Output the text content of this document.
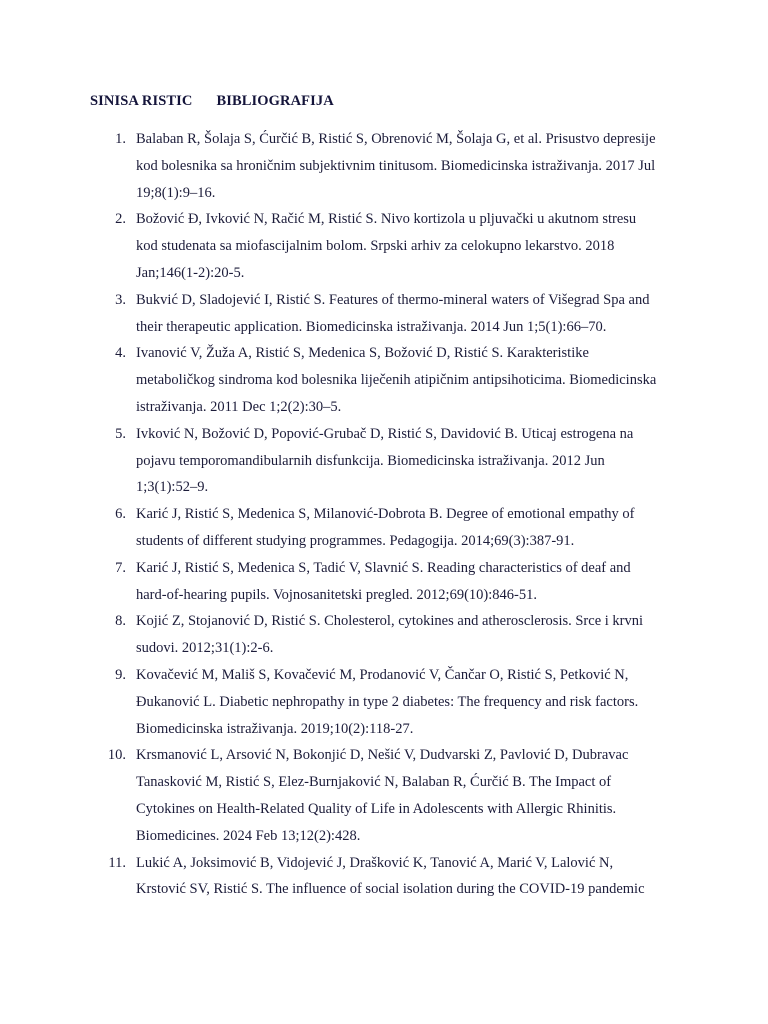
SINISA RISTIC BIBLIOGRAFIJA
1. Balaban R, Šolaja S, Ćurčić B, Ristić S, Obrenović M, Šolaja G, et al. Prisustvo depresije
kod bolesnika sa hroničnim subjektivnim tinitusom. Biomedicinska istraživanja. 2017 Jul
19;8(1):9–16.
2. Božović Đ, Ivković N, Račić M, Ristić S. Nivo kortizola u pljuvački u akutnom stresu
kod studenata sa miofascijalnim bolom. Srpski arhiv za celokupno lekarstvo. 2018
Jan;146(1-2):20-5.
3. Bukvić D, Sladojević I, Ristić S. Features of thermo-mineral waters of Višegrad Spa and
their therapeutic application. Biomedicinska istraživanja. 2014 Jun 1;5(1):66–70.
4. Ivanović V, Žuža A, Ristić S, Medenica S, Božović D, Ristić S. Karakteristike
metaboličkog sindroma kod bolesnika liječenih atipičnim antipsihoticima. Biomedicinska
istraživanja. 2011 Dec 1;2(2):30–5.
5. Ivković N, Božović D, Popović-Grubač D, Ristić S, Davidović B. Uticaj estrogena na
pojavu temporomandibularnih disfunkcija. Biomedicinska istraživanja. 2012 Jun
1;3(1):52–9.
6. Karić J, Ristić S, Medenica S, Milanović-Dobrota B. Degree of emotional empathy of
students of different studying programmes. Pedagogija. 2014;69(3):387-91.
7. Karić J, Ristić S, Medenica S, Tadić V, Slavnić S. Reading characteristics of deaf and
hard-of-hearing pupils. Vojnosanitetski pregled. 2012;69(10):846-51.
8. Kojić Z, Stojanović D, Ristić S. Cholesterol, cytokines and atherosclerosis. Srce i krvni
sudovi. 2012;31(1):2-6.
9. Kovačević M, Mališ S, Kovačević M, Prodanović V, Čančar O, Ristić S, Petković N,
Đukanović L. Diabetic nephropathy in type 2 diabetes: The frequency and risk factors.
Biomedicinska istraživanja. 2019;10(2):118-27.
10. Krsmanović L, Arsović N, Bokonjić D, Nešić V, Dudvarski Z, Pavlović D, Dubravac
Tanasković M, Ristić S, Elez-Burnjaković N, Balaban R, Ćurčić B. The Impact of
Cytokines on Health-Related Quality of Life in Adolescents with Allergic Rhinitis.
Biomedicines. 2024 Feb 13;12(2):428.
11. Lukić A, Joksimović B, Vidojević J, Drašković K, Tanović A, Marić V, Lalović N,
Krstović SV, Ristić S. The influence of social isolation during the COVID-19 pandemic
